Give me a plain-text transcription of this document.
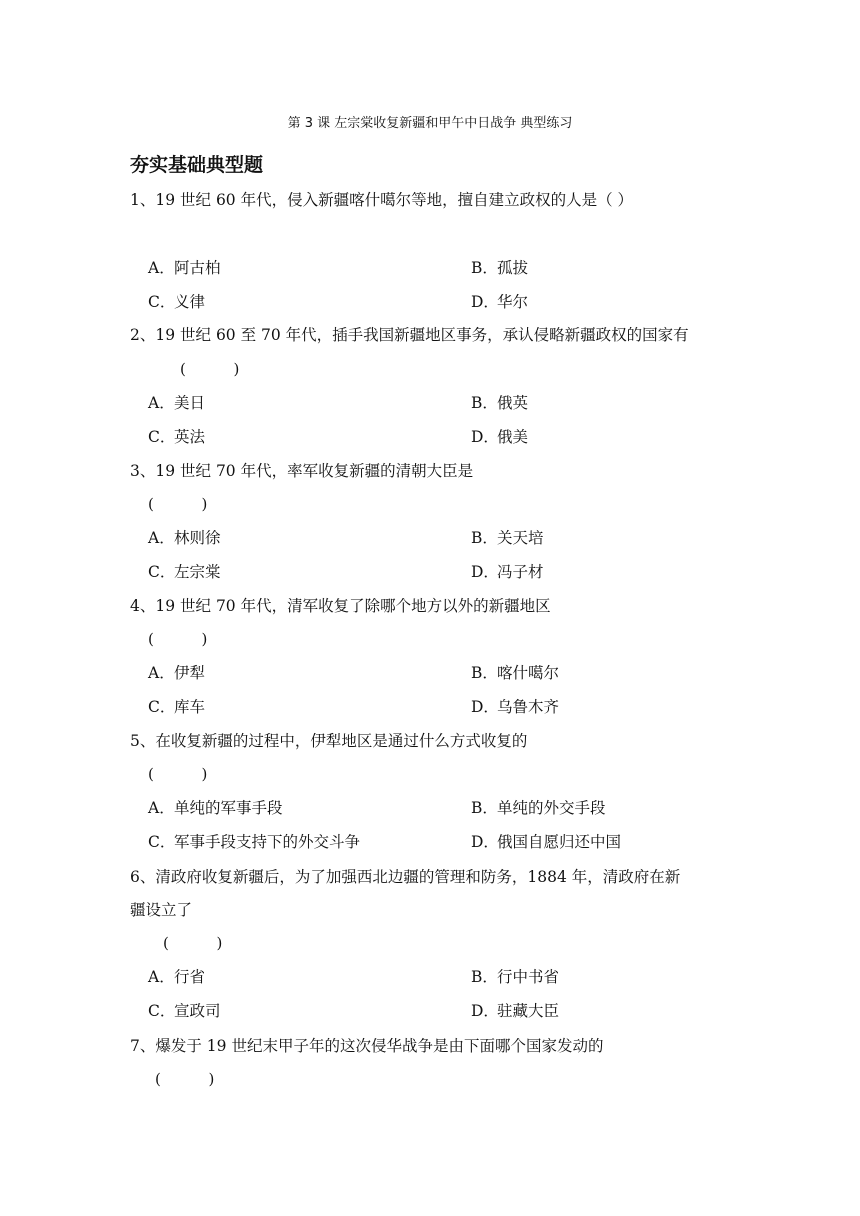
第 3 课 左宗棠收复新疆和甲午中日战争 典型练习
夯实基础典型题
1、19 世纪 60 年代，侵入新疆喀什噶尔等地，擅自建立政权的人是（ ）
A．阿古柏	B．孤拔
C．义律	D．华尔
2、19 世纪 60 至 70 年代，插手我国新疆地区事务，承认侵略新疆政权的国家有
(          )
A．美日	B．俄英
C．英法	D．俄美
3、19 世纪 70 年代，率军收复新疆的清朝大臣是
(          )
A．林则徐	B．关天培
C．左宗棠	D．冯子材
4、19 世纪 70 年代，清军收复了除哪个地方以外的新疆地区
(          )
A．伊犁	B．喀什噶尔
C．库车	D．乌鲁木齐
5、在收复新疆的过程中，伊犁地区是通过什么方式收复的
(          )
A．单纯的军事手段	B．单纯的外交手段
C．军事手段支持下的外交斗争	D．俄国自愿归还中国
6、清政府收复新疆后，为了加强西北边疆的管理和防务，1884 年，清政府在新
疆设立了
(          )
A．行省	B．行中书省
C．宣政司	D．驻藏大臣
7、爆发于 19 世纪末甲子年的这次侵华战争是由下面哪个国家发动的
(          )
